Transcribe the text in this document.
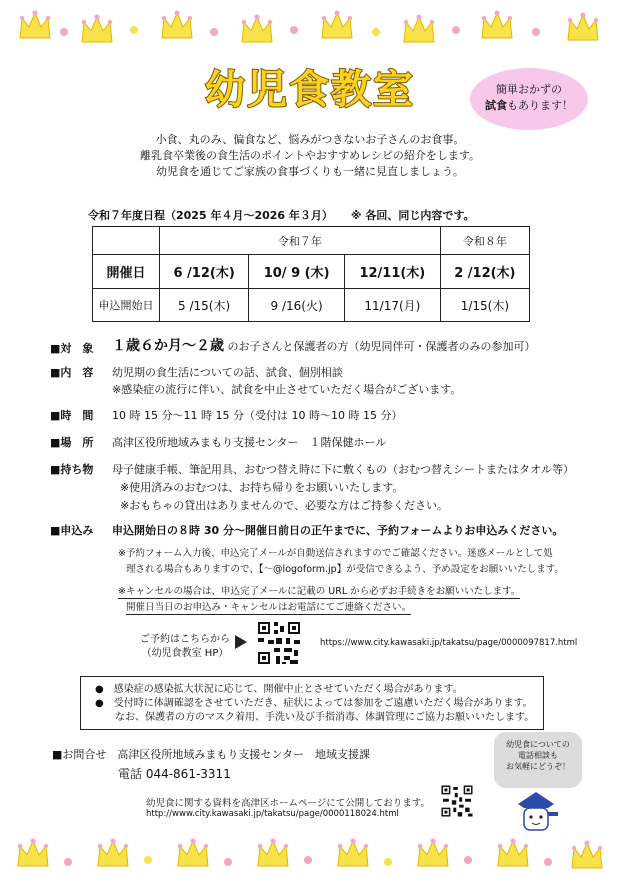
幼児食教室	簡単おかずの
試食もあります！
小食、丸のみ、偏食など、悩みがつきないお子さんのお食事。
離乳食卒業後の食生活のポイントやおすすめレシピの紹介をします。
幼児食を通じてご家族の食事づくりも一緒に見直しましょう。
令和７年度日程（2025 年４月～2026 年３月） ※ 各回、同じ内容です。
	令和７年			令和８年
開催日	6 /12(木)	10/ 9 (木)	12/11(木)	2 /12(木)
申込開始日	5 /15(木)	9 /16(火)	11/17(月)	1/15(木)
■対　象 １歳６か月～２歳 のお子さんと保護者の方（幼児同伴可・保護者のみの参加可）
■内　容 幼児期の食生活についての話、試食、個別相談
※感染症の流行に伴い、試食を中止させていただく場合がございます。
■時　間 10 時 15 分～11 時 15 分（受付は 10 時～10 時 15 分）
■場　所 高津区役所地域みまもり支援センター　１階保健ホール
■持ち物 母子健康手帳、筆記用具、おむつ替え時に下に敷くもの（おむつ替えシートまたはタオル等）
※使用済みのおむつは、お持ち帰りをお願いいたします。
※おもちゃの貸出はありませんので、必要な方はご持参ください。
■申込み 申込開始日の８時 30 分～開催日前日の正午までに、予約フォームよりお申込みください。
※予約フォーム入力後、申込完了メールが自動送信されますのでご確認ください。迷惑メールとして処
理される場合もありますので、【～@logoform.jp】が受信できるよう、予め設定をお願いいたします。
※キャンセルの場合は、申込完了メールに記載の URL から必ずお手続きをお願いいたします。
開催日当日のお申込み・キャンセルはお電話にてご連絡ください。
ご予約はこちらから
（幼児食教室 HP）
https://www.city.kawasaki.jp/takatsu/page/0000097817.html
●　感染症の感染拡大状況に応じて、開催中止とさせていただく場合があります。
●　受付時に体調確認をさせていただき、症状によっては参加をご遠慮いただく場合があります。
　　なお、保護者の方のマスク着用、手洗い及び手指消毒、体調管理にご協力お願いいたします。
■お問合せ　 高津区役所地域みまもり支援センター　地域支援課
電話 044-861-3311
幼児食についての
電話相談も
お気軽にどうぞ！
幼児食に関する資料を高津区ホームページにて公開しております。
http://www.city.kawasaki.jp/takatsu/page/0000118024.html
